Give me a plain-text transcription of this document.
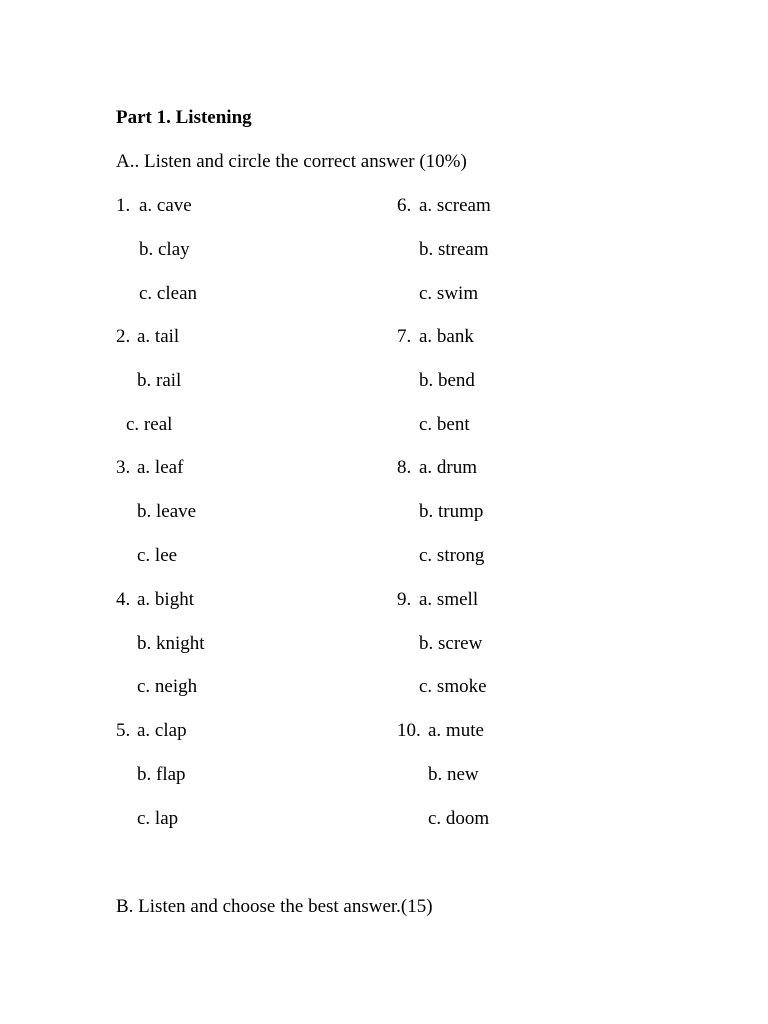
Part 1. Listening
A.. Listen and circle the correct answer (10%)
1. a. cave
b. clay
c. clean
2. a. tail
b. rail
c. real
3. a. leaf
b. leave
c. lee
4. a. bight
b. knight
c. neigh
5. a. clap
b. flap
c. lap
6. a. scream
b. stream
c. swim
7. a. bank
b. bend
c. bent
8. a. drum
b. trump
c. strong
9. a. smell
b. screw
c. smoke
10. a. mute
b. new
c. doom
B. Listen and choose the best answer.(15)
